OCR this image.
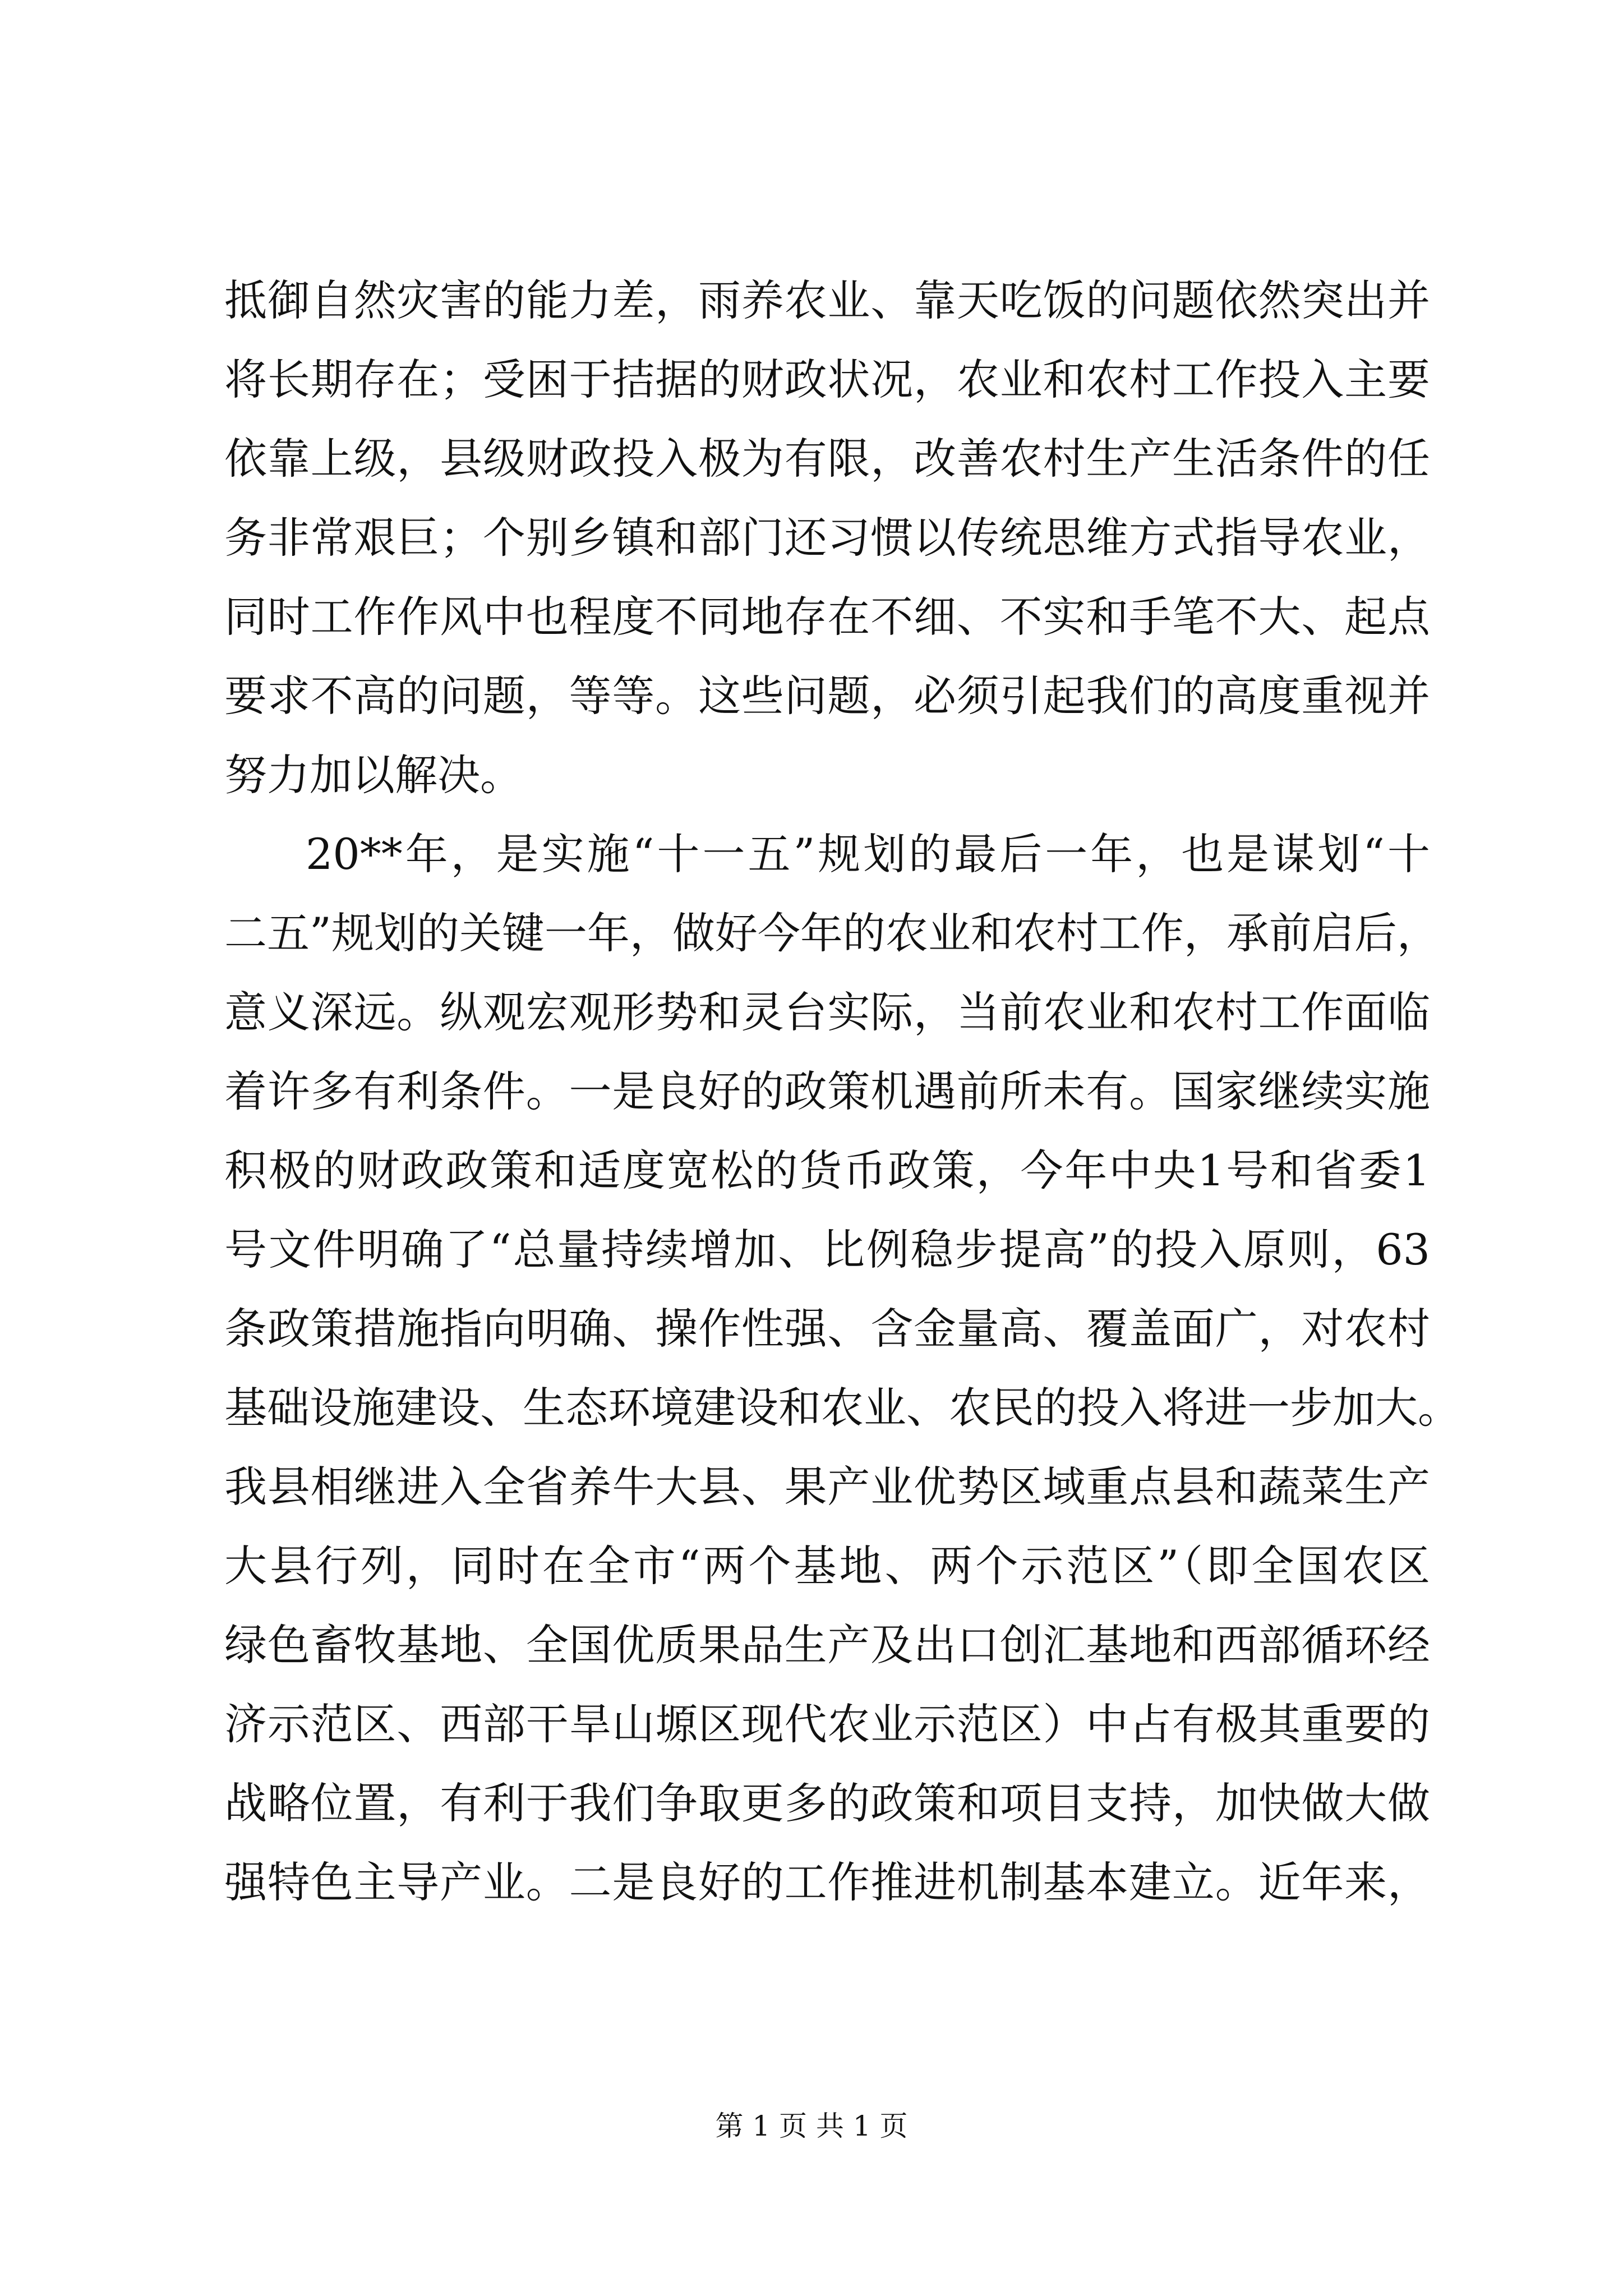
抵御自然灾害的能力差，雨养农业、靠天吃饭的问题依然突出并
将长期存在；受困于拮据的财政状况，农业和农村工作投入主要
依靠上级，县级财政投入极为有限，改善农村生产生活条件的任
务非常艰巨；个别乡镇和部门还习惯以传统思维方式指导农业，
同时工作作风中也程度不同地存在不细、不实和手笔不大、起点
要求不高的问题，等等。这些问题，必须引起我们的高度重视并
努力加以解决。
20**年，是实施“十一五”规划的最后一年，也是谋划“十
二五”规划的关键一年，做好今年的农业和农村工作，承前启后，
意义深远。纵观宏观形势和灵台实际，当前农业和农村工作面临
着许多有利条件。一是良好的政策机遇前所未有。国家继续实施
积极的财政政策和适度宽松的货币政策，今年中央1号和省委1
号文件明确了“总量持续增加、比例稳步提高”的投入原则，63
条政策措施指向明确、操作性强、含金量高、覆盖面广，对农村
基础设施建设、生态环境建设和农业、农民的投入将进一步加大。
我县相继进入全省养牛大县、果产业优势区域重点县和蔬菜生产
大县行列，同时在全市“两个基地、两个示范区”（即全国农区
绿色畜牧基地、全国优质果品生产及出口创汇基地和西部循环经
济示范区、西部干旱山塬区现代农业示范区）中占有极其重要的
战略位置，有利于我们争取更多的政策和项目支持，加快做大做
强特色主导产业。二是良好的工作推进机制基本建立。近年来，
第 1 页 共 1 页
